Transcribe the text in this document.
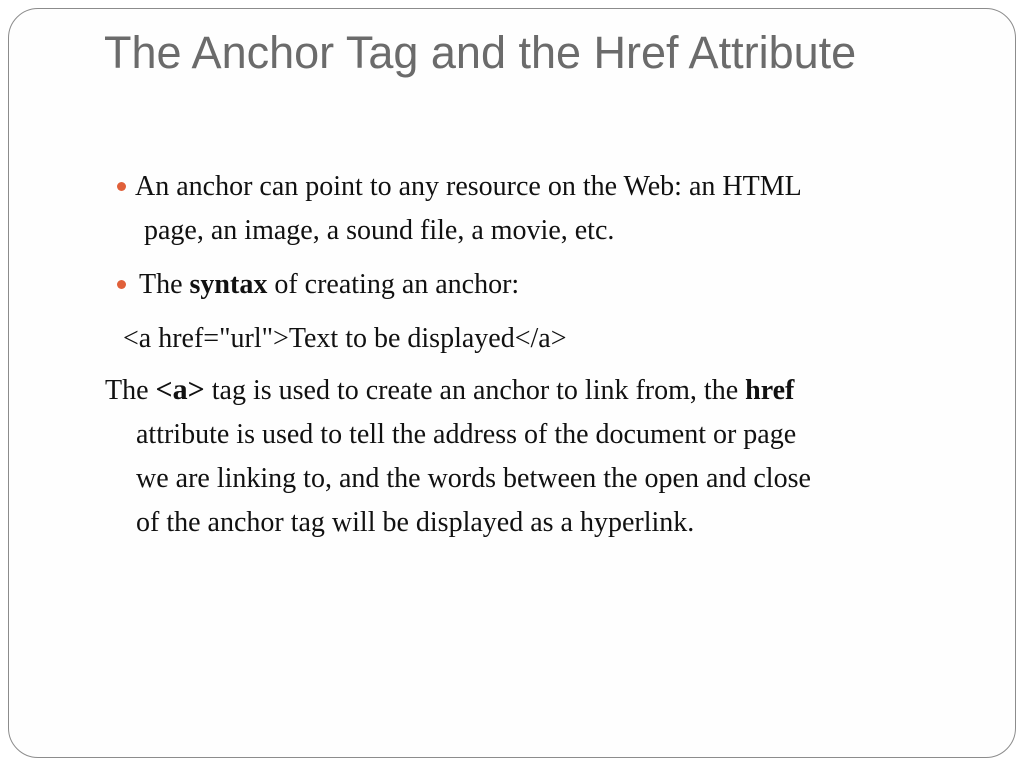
The Anchor Tag and the Href Attribute

An anchor can point to any resource on the Web: an HTML
page, an image, a sound file, a movie, etc.

The syntax of creating an anchor:

<a href="url">Text to be displayed</a>

The <a> tag is used to create an anchor to link from, the href
attribute is used to tell the address of the document or page
we are linking to, and the words between the open and close
of the anchor tag will be displayed as a hyperlink.
